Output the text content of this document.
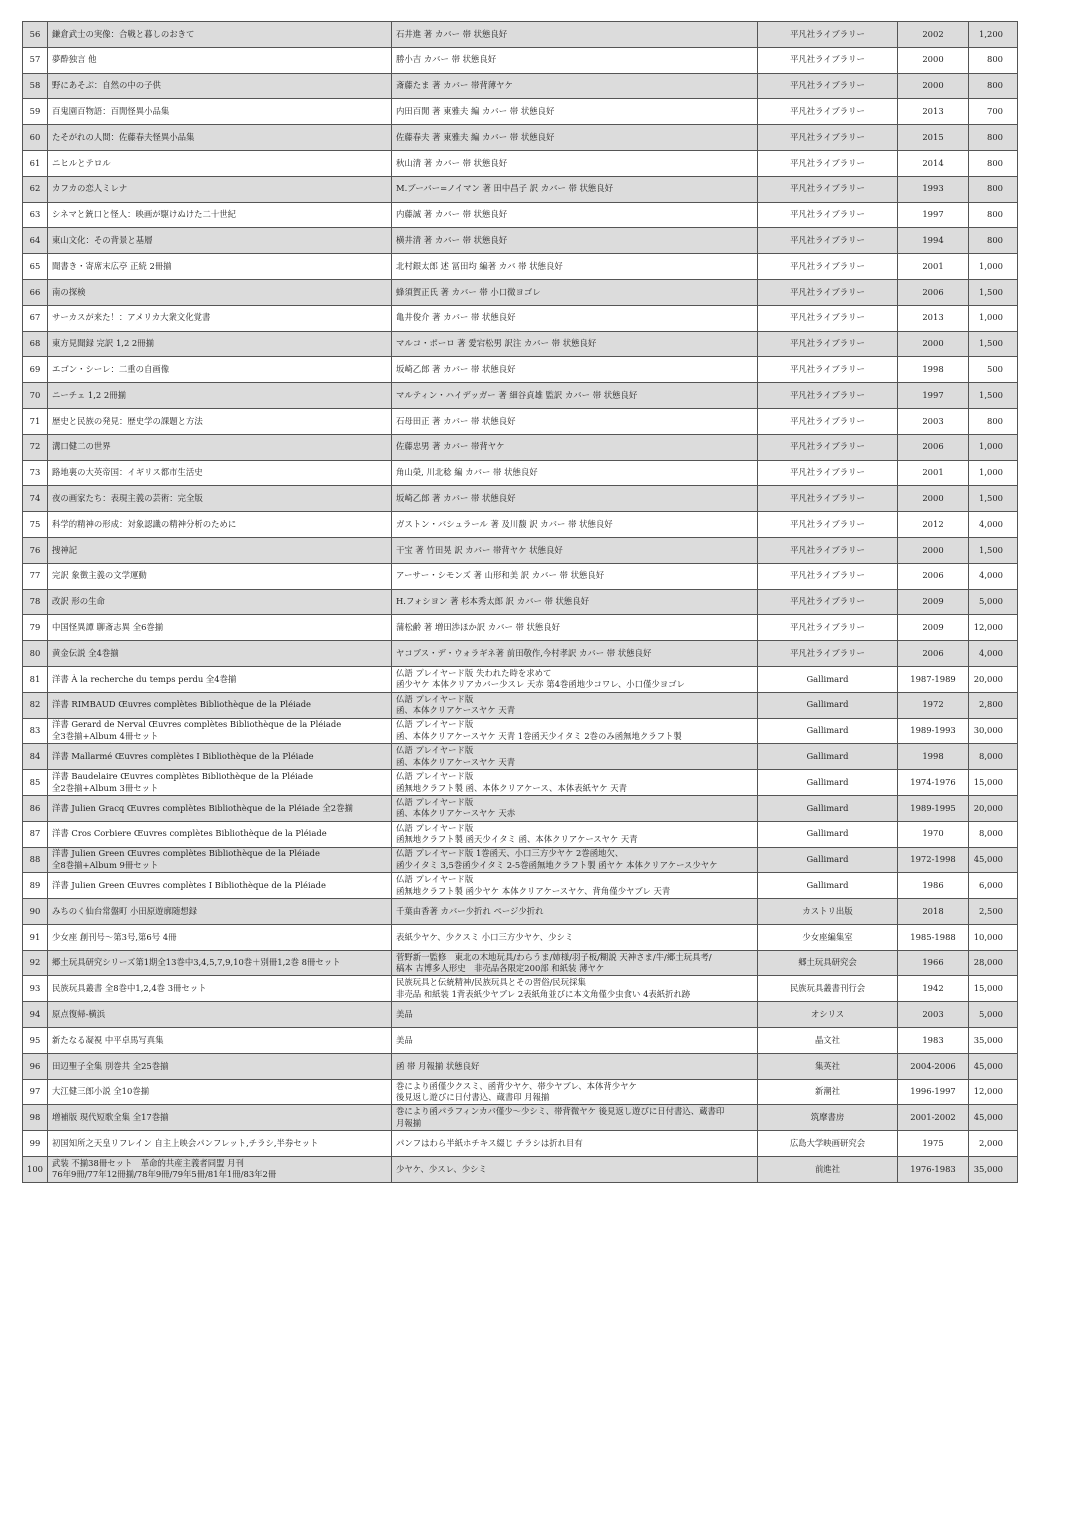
56	鎌倉武士の実像：合戦と暮しのおきて	石井進 著 カバー 帯 状態良好	平凡社ライブラリー	2002	1,200
57	夢酔独言 他	勝小吉 カバー 帯 状態良好	平凡社ライブラリー	2000	800
58	野にあそぶ：自然の中の子供	斎藤たま 著 カバー 帯背薄ヤケ	平凡社ライブラリー	2000	800
59	百鬼園百物語：百閒怪異小品集	内田百閒 著 東雅夫 編 カバー 帯 状態良好	平凡社ライブラリー	2013	700
60	たそがれの人間：佐藤春夫怪異小品集	佐藤春夫 著 東雅夫 編 カバー 帯 状態良好	平凡社ライブラリー	2015	800
61	ニヒルとテロル	秋山清 著 カバー 帯 状態良好	平凡社ライブラリー	2014	800
62	カフカの恋人ミレナ	M.ブーバー=ノイマン 著 田中昌子 訳 カバー 帯 状態良好	平凡社ライブラリー	1993	800
63	シネマと銃口と怪人：映画が駆けぬけた二十世紀	内藤誠 著 カバー 帯 状態良好	平凡社ライブラリー	1997	800
64	東山文化：その背景と基層	横井清 著 カバー 帯 状態良好	平凡社ライブラリー	1994	800
65	聞書き・寄席末広亭 正続 2冊揃	北村銀太郎 述 冨田均 編著 カバ 帯 状態良好	平凡社ライブラリー	2001	1,000
66	南の探検	蜂須賀正氏 著 カバー 帯 小口微ヨゴレ	平凡社ライブラリー	2006	1,500
67	サーカスが来た！：アメリカ大衆文化覚書	亀井俊介 著 カバー 帯 状態良好	平凡社ライブラリー	2013	1,000
68	東方見聞録 完訳 1,2 2冊揃	マルコ・ポーロ 著 愛宕松男 訳注 カバー 帯 状態良好	平凡社ライブラリー	2000	1,500
69	エゴン・シーレ：二重の自画像	坂崎乙郎 著 カバー 帯 状態良好	平凡社ライブラリー	1998	500
70	ニーチェ 1,2 2冊揃	マルティン・ハイデッガー 著 細谷貞雄 監訳 カバー 帯 状態良好	平凡社ライブラリー	1997	1,500
71	歴史と民族の発見：歴史学の課題と方法	石母田正 著 カバー 帯 状態良好	平凡社ライブラリー	2003	800
72	溝口健二の世界	佐藤忠男 著 カバー 帯背ヤケ	平凡社ライブラリー	2006	1,000
73	路地裏の大英帝国：イギリス都市生活史	角山榮, 川北稔 編 カバー 帯 状態良好	平凡社ライブラリー	2001	1,000
74	夜の画家たち：表現主義の芸術：完全版	坂崎乙郎 著 カバー 帯 状態良好	平凡社ライブラリー	2000	1,500
75	科学的精神の形成：対象認識の精神分析のために	ガストン・バシュラール 著 及川馥 訳 カバー 帯 状態良好	平凡社ライブラリー	2012	4,000
76	捜神記	干宝 著 竹田晃 訳 カバー 帯背ヤケ 状態良好	平凡社ライブラリー	2000	1,500
77	完訳 象徴主義の文学運動	アーサー・シモンズ 著 山形和美 訳 カバー 帯 状態良好	平凡社ライブラリー	2006	4,000
78	改訳 形の生命	H.フォシヨン 著 杉本秀太郎 訳 カバー 帯 状態良好	平凡社ライブラリー	2009	5,000
79	中国怪異譚 聊斎志異 全6巻揃	蒲松齢 著 増田渉ほか訳 カバー 帯 状態良好	平凡社ライブラリー	2009	12,000
80	黄金伝説 全4巻揃	ヤコブス・デ・ウォラギネ著 前田敬作,今村孝訳 カバー 帯 状態良好	平凡社ライブラリー	2006	4,000
81	洋書 À la recherche du temps perdu 全4巻揃	仏語 プレイヤード版 失われた時を求めて
函少ヤケ 本体クリアカバー少スレ 天赤 第4巻函地少コワレ、小口僅少ヨゴレ	Gallimard	1987-1989	20,000
82	洋書 RIMBAUD Œuvres complètes Bibliothèque de la Pléiade	仏語 プレイヤード版
函、本体クリアケースヤケ 天青	Gallimard	1972	2,800
83	洋書 Gerard de Nerval Œuvres complètes Bibliothèque de la Pléiade
全3巻揃+Album 4冊セット	仏語 プレイヤード版
函、本体クリアケースヤケ 天青 1巻函天少イタミ 2巻のみ函無地クラフト製	Gallimard	1989-1993	30,000
84	洋書 Mallarmé Œuvres complètes Ⅰ Bibliothèque de la Pléiade	仏語 プレイヤード版
函、本体クリアケースヤケ 天青	Gallimard	1998	8,000
85	洋書 Baudelaire Œuvres complètes Bibliothèque de la Pléiade
全2巻揃+Album 3冊セット	仏語 プレイヤード版
函無地クラフト製 函、本体クリアケース、本体表紙ヤケ 天青	Gallimard	1974-1976	15,000
86	洋書 Julien Gracq Œuvres complètes Bibliothèque de la Pléiade 全2巻揃	仏語 プレイヤード版
函、本体クリアケースヤケ 天赤	Gallimard	1989-1995	20,000
87	洋書 Cros Corbiere Œuvres complètes Bibliothèque de la Pléiade	仏語 プレイヤード版
函無地クラフト製 函天少イタミ 函、本体クリアケースヤケ 天青	Gallimard	1970	8,000
88	洋書 Julien Green Œuvres complètes Bibliothèque de la Pléiade
全8巻揃+Album 9冊セット	仏語 プレイヤード版 1巻函天、小口三方少ヤケ 2巻函地欠、
函少イタミ 3,5巻函少イタミ 2-5巻函無地クラフト製 函ヤケ 本体クリアケース少ヤケ	Gallimard	1972-1998	45,000
89	洋書 Julien Green Œuvres complètes Ⅰ Bibliothèque de la Pléiade	仏語 プレイヤード版
函無地クラフト製 函少ヤケ 本体クリアケースヤケ、背角僅少ヤブレ 天青	Gallimard	1986	6,000
90	みちのく仙台常盤町 小田原遊廓随想録	千葉由香著 カバー少折れ ページ少折れ	カストリ出版	2018	2,500
91	少女座 創刊号〜第3号,第6号 4冊	表紙少ヤケ、少クスミ 小口三方少ヤケ、少シミ	少女座編集室	1985-1988	10,000
92	郷土玩具研究シリーズ第1期全13巻中3,4,5,7,9,10巻＋別冊1,2巻 8冊セット	菅野新一監修　東北の木地玩具/わらうま/姉様/羽子板/糊説 天神さま/牛/郷土玩具考/
稿本 古博多人形史　非売品各限定200部 和紙装 薄ヤケ	郷土玩具研究会	1966	28,000
93	民族玩具叢書 全8巻中1,2,4巻 3冊セット	民族玩具と伝統精神/民族玩具とその習俗/民玩採集
非売品 和紙装 1背表紙少ヤブレ 2表紙角並びに本文角僅少虫食い 4表紙折れ跡	民族玩具叢書刊行会	1942	15,000
94	原点復帰-横浜	美品	オシリス	2003	5,000
95	新たなる凝視 中平卓馬写真集	美品	晶文社	1983	35,000
96	田辺聖子全集 別巻共 全25巻揃	函 帯 月報揃 状態良好	集英社	2004-2006	45,000
97	大江健三郎小説 全10巻揃	巻により函僅少クスミ、函背少ヤケ、帯少ヤブレ、本体背少ヤケ
後見返し遊びに日付書込、蔵書印 月報揃	新潮社	1996-1997	12,000
98	増補版 現代短歌全集 全17巻揃	巻により函パラフィンカバ僅少〜少シミ、帯背微ヤケ 後見返し遊びに日付書込、蔵書印
月報揃	筑摩書房	2001-2002	45,000
99	初国知所之天皇リフレイン 自主上映会パンフレット,チラシ,半券セット	パンフはわら半紙ホチキス綴じ チラシは折れ目有	広島大学映画研究会	1975	2,000
100	武装 不揃38冊セット　革命的共産主義者同盟 月刊
76年9冊/77年12冊揃/78年9冊/79年5冊/81年1冊/83年2冊	少ヤケ、少スレ、少シミ	前進社	1976-1983	35,000
